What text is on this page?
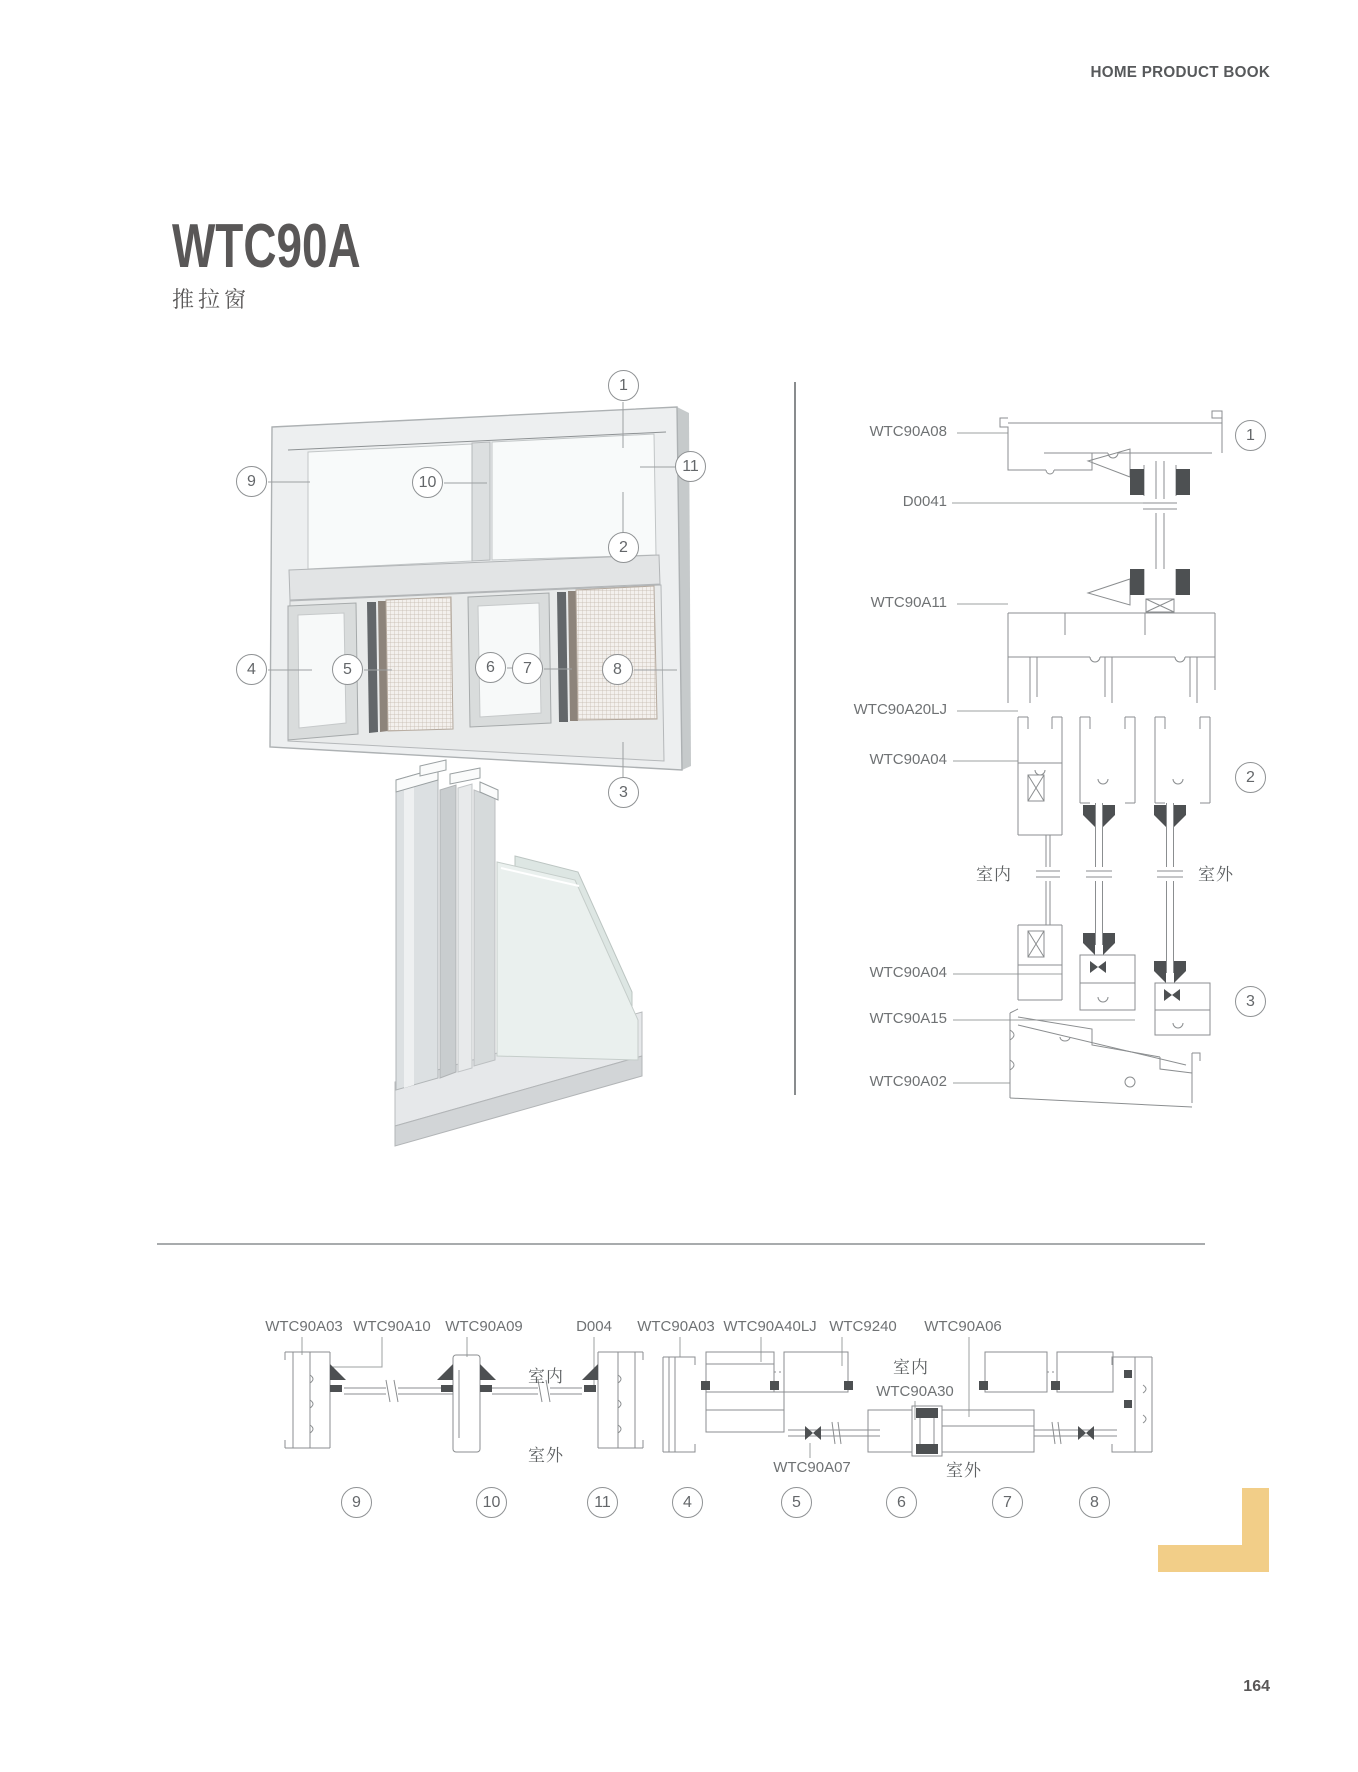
HOME PRODUCT BOOK
WTC90A
推拉窗
1
11
9	10
2
4	5	6	7	8
3
WTC90A08
D0041
WTC90A11
WTC90A20LJ
WTC90A04
WTC90A04
WTC90A15
WTC90A02
室内	室外
1
2
3
WTC90A03 WTC90A10 WTC90A09	D004	WTC90A03 WTC90A40LJ WTC9240	WTC90A06
室内
室外
室内
WTC90A30
WTC90A07	室外
9	10	11	4	5	6	7	8
164
